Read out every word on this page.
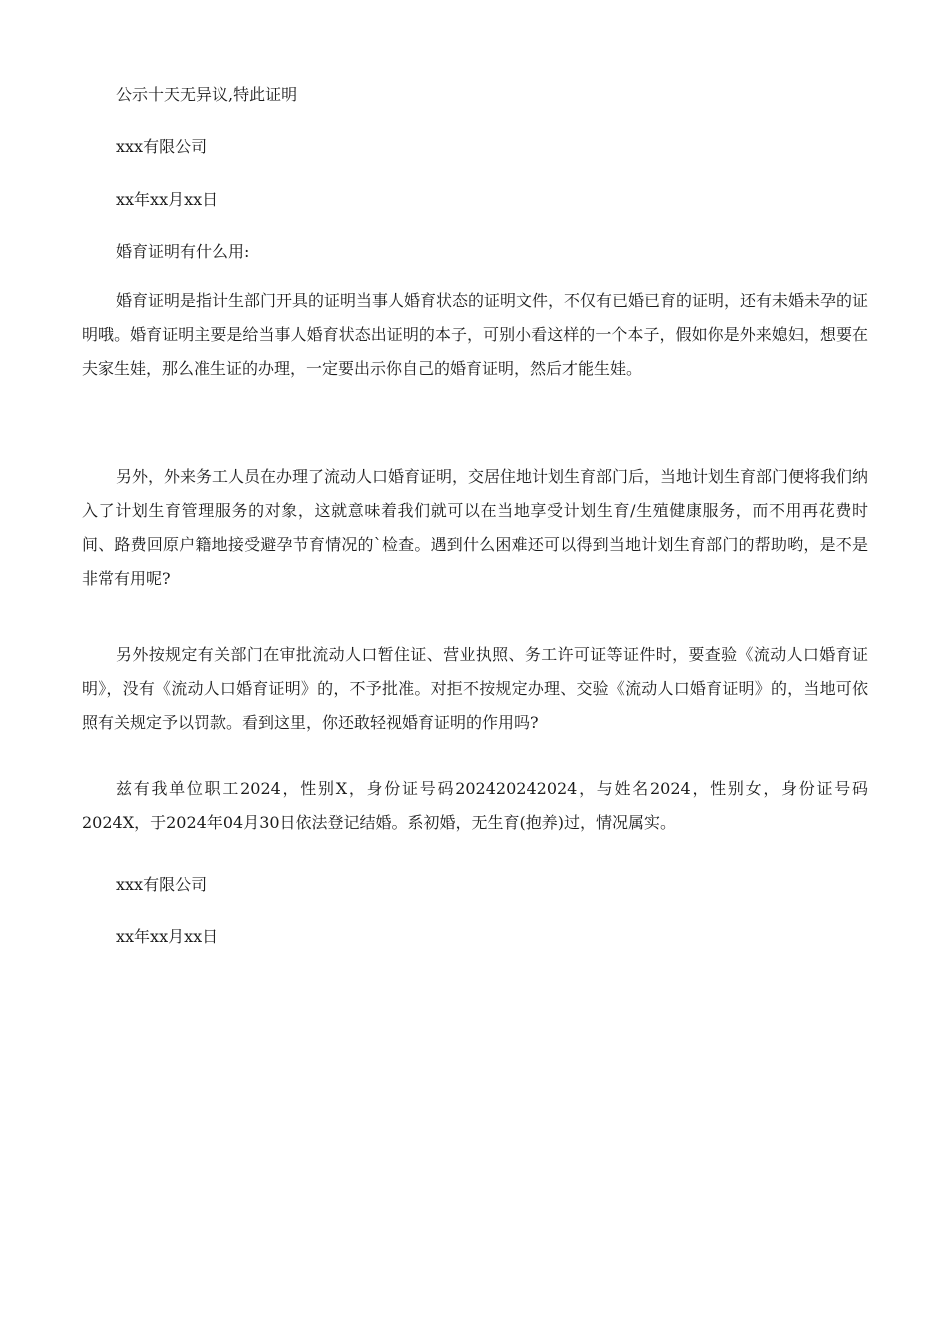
公示十天无异议,特此证明
xxx有限公司
xx年xx月xx日
婚育证明有什么用:

婚育证明是指计生部门开具的证明当事人婚育状态的证明文件，不仅有已婚已育的证明，还有未婚未孕的证明哦。婚育证明主要是给当事人婚育状态出证明的本子，可别小看这样的一个本子，假如你是外来媳妇，想要在夫家生娃，那么准生证的办理，一定要出示你自己的婚育证明，然后才能生娃。

另外，外来务工人员在办理了流动人口婚育证明，交居住地计划生育部门后，当地计划生育部门便将我们纳入了计划生育管理服务的对象，这就意味着我们就可以在当地享受计划生育/生殖健康服务，而不用再花费时间、路费回原户籍地接受避孕节育情况的`检查。遇到什么困难还可以得到当地计划生育部门的帮助哟，是不是非常有用呢?

另外按规定有关部门在审批流动人口暂住证、营业执照、务工许可证等证件时，要查验《流动人口婚育证明》，没有《流动人口婚育证明》的，不予批准。对拒不按规定办理、交验《流动人口婚育证明》的，当地可依照有关规定予以罚款。看到这里，你还敢轻视婚育证明的作用吗?

兹有我单位职工2024，性别X，身份证号码202420242024，与姓名2024，性别女，身份证号码2024X，于2024年04月30日依法登记结婚。系初婚，无生育(抱养)过，情况属实。

xxx有限公司
xx年xx月xx日
